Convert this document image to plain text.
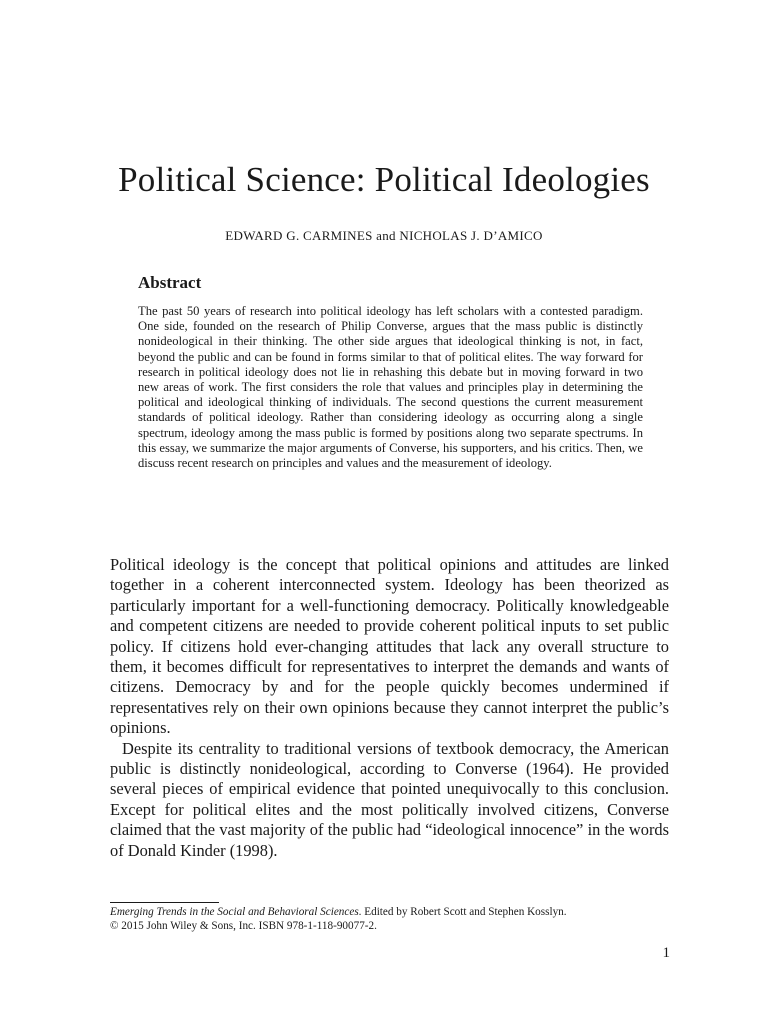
Political Science: Political Ideologies
EDWARD G. CARMINES and NICHOLAS J. D’AMICO
Abstract

The past 50 years of research into political ideology has left scholars with a contested paradigm. One side, founded on the research of Philip Converse, argues that the mass public is distinctly nonideological in their thinking. The other side argues that ideological thinking is not, in fact, beyond the public and can be found in forms similar to that of political elites. The way forward for research in political ideology does not lie in rehashing this debate but in moving forward in two new areas of work. The first considers the role that values and principles play in determining the political and ideological thinking of individuals. The second questions the current measurement standards of political ideology. Rather than considering ideology as occurring along a single spectrum, ideology among the mass public is formed by positions along two separate spectrums. In this essay, we summarize the major arguments of Converse, his supporters, and his critics. Then, we discuss recent research on principles and values and the measurement of ideology.

Political ideology is the concept that political opinions and attitudes are linked together in a coherent interconnected system. Ideology has been theorized as particularly important for a well-functioning democracy. Politically knowledgeable and competent citizens are needed to provide coherent political inputs to set public policy. If citizens hold ever-changing attitudes that lack any overall structure to them, it becomes difficult for representatives to interpret the demands and wants of citizens. Democracy by and for the people quickly becomes undermined if representatives rely on their own opinions because they cannot interpret the public’s opinions.

Despite its centrality to traditional versions of textbook democracy, the American public is distinctly nonideological, according to Converse (1964). He provided several pieces of empirical evidence that pointed unequivocally to this conclusion. Except for political elites and the most politically involved citizens, Converse claimed that the vast majority of the public had “ideological innocence” in the words of Donald Kinder (1998).

Emerging Trends in the Social and Behavioral Sciences. Edited by Robert Scott and Stephen Kosslyn.
© 2015 John Wiley & Sons, Inc. ISBN 978-1-118-90077-2.
1
